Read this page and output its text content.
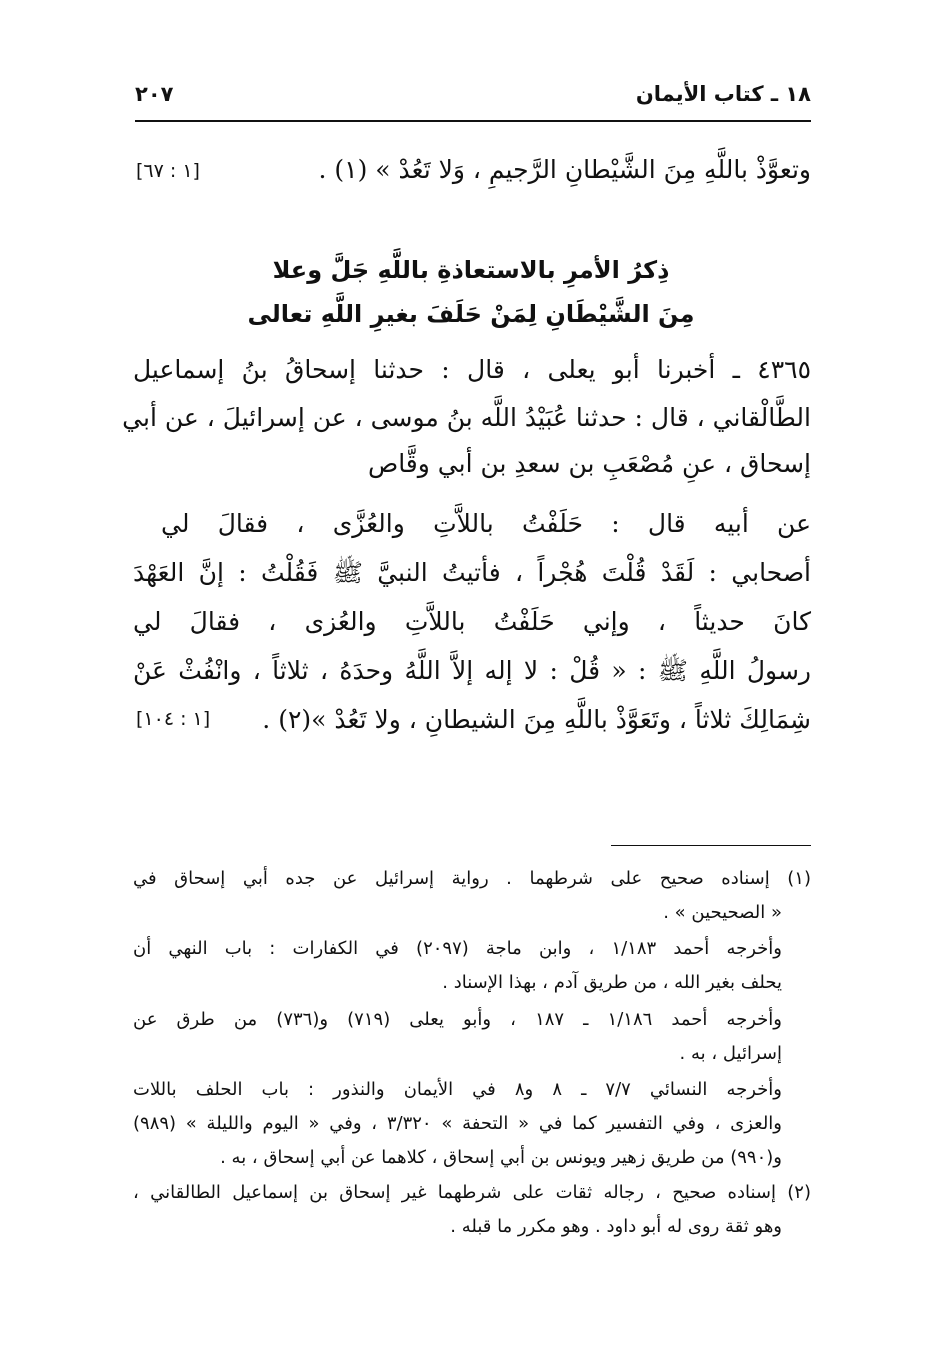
١٨ ـ كتاب الأيمان
٢٠٧
وتعوَّذْ باللَّهِ مِنَ الشَّيْطانِ الرَّجيمِ ، وَلا تَعُدْ » (١) .
[١ : ٦٧]
ذِكرُ الأمرِ بالاستعاذةِ باللَّهِ جَلَّ وعلا
مِنَ الشَّيْطَانِ لِمَنْ حَلَفَ بغيرِ اللَّهِ تعالى
٤٣٦٥ ـ أخبرنا أبو يعلى ، قال : حدثنا إسحاقُ بنُ إسماعيل
الطَّالْقاني ، قال : حدثنا عُبَيْدُ اللَّه بنُ موسى ، عن إسرائيلَ ، عن أبي
إسحاق ، عنِ مُصْعَبِ بن سعدِ بن أبي وقَّاص
عن أبيه قال : حَلَفْتُ باللاَّتِ والعُزَّى ، فقالَ لي
أصحابي : لَقَدْ قُلْتَ هُجْراً ، فأتيتُ النبيَّ ﷺ فَقُلْتُ : إنَّ العَهْدَ
كانَ حديثاً ، وإني حَلَفْتُ باللاَّتِ والعُزى ، فقالَ لي
رسولُ اللَّهِ ﷺ : « قُلْ : لا إله إلاَّ اللَّهُ وحدَهُ ، ثلاثاً ، وانْفُثْ عَنْ
شِمَالِكَ ثلاثاً ، وتَعَوَّذْ باللَّهِ مِنَ الشيطانِ ، ولا تَعُدْ »(٢) .
[١ : ١٠٤]
(١) إسناده صحيح على شرطهما . رواية إسرائيل عن جده أبي إسحاق في
« الصحيحين » .
وأخرجه أحمد ١/١٨٣ ، وابن ماجة (٢٠٩٧) في الكفارات : باب النهي أن
يحلف بغير الله ، من طريق آدم ، بهذا الإسناد .
وأخرجه أحمد ١/١٨٦ ـ ١٨٧ ، وأبو يعلى (٧١٩) و(٧٣٦) من طرق عن
إسرائيل ، به .
وأخرجه النسائي ٧/٧ ـ ٨ و٨ في الأيمان والنذور : باب الحلف باللات
والعزى ، وفي التفسير كما في « التحفة » ٣/٣٢٠ ، وفي « اليوم والليلة » (٩٨٩)
و(٩٩٠) من طريق زهير ويونس بن أبي إسحاق ، كلاهما عن أبي إسحاق ، به .
(٢) إسناده صحيح ، رجاله ثقات على شرطهما غير إسحاق بن إسماعيل الطالقاني ،
وهو ثقة روى له أبو داود . وهو مكرر ما قبله .
